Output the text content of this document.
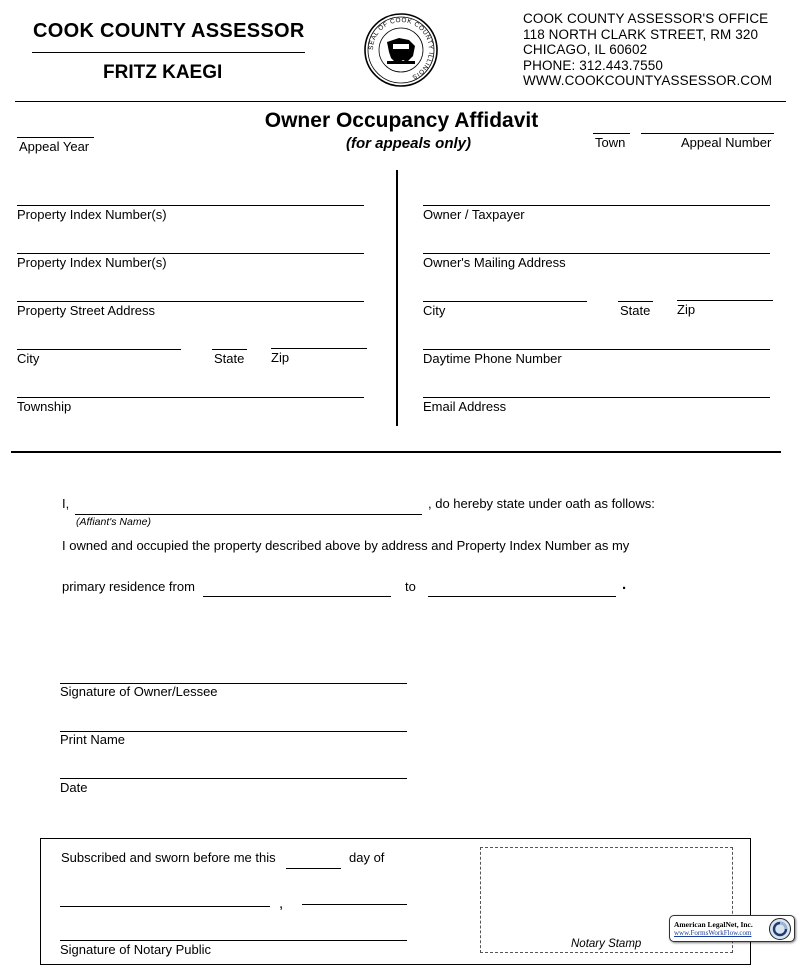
COOK COUNTY ASSESSOR
FRITZ KAEGI
SEAL OF COOK COUNTY ILLINOIS
COOK COUNTY ASSESSOR'S OFFICE
118 NORTH CLARK STREET, RM 320
CHICAGO, IL 60602
PHONE: 312.443.7550
WWW.COOKCOUNTYASSESSOR.COM
Appeal Year
Owner Occupancy Affidavit
(for appeals only)	Town	Appeal Number
Property Index Number(s)
Property Index Number(s)
Property Street Address
City	State Zip
Township
Owner / Taxpayer
Owner's Mailing Address
City	State Zip
Daytime Phone Number
Email Address
I,	, do hereby state under oath as follows:
(Affiant's Name)
I owned and occupied the property described above by address and Property Index Number as my
primary residence from	to	.
Signature of Owner/Lessee
Print Name
Date
Subscribed and sworn before me this	day of
,
Signature of Notary Public	Notary Stamp
American LegalNet, Inc.
www.FormsWorkFlow.com
